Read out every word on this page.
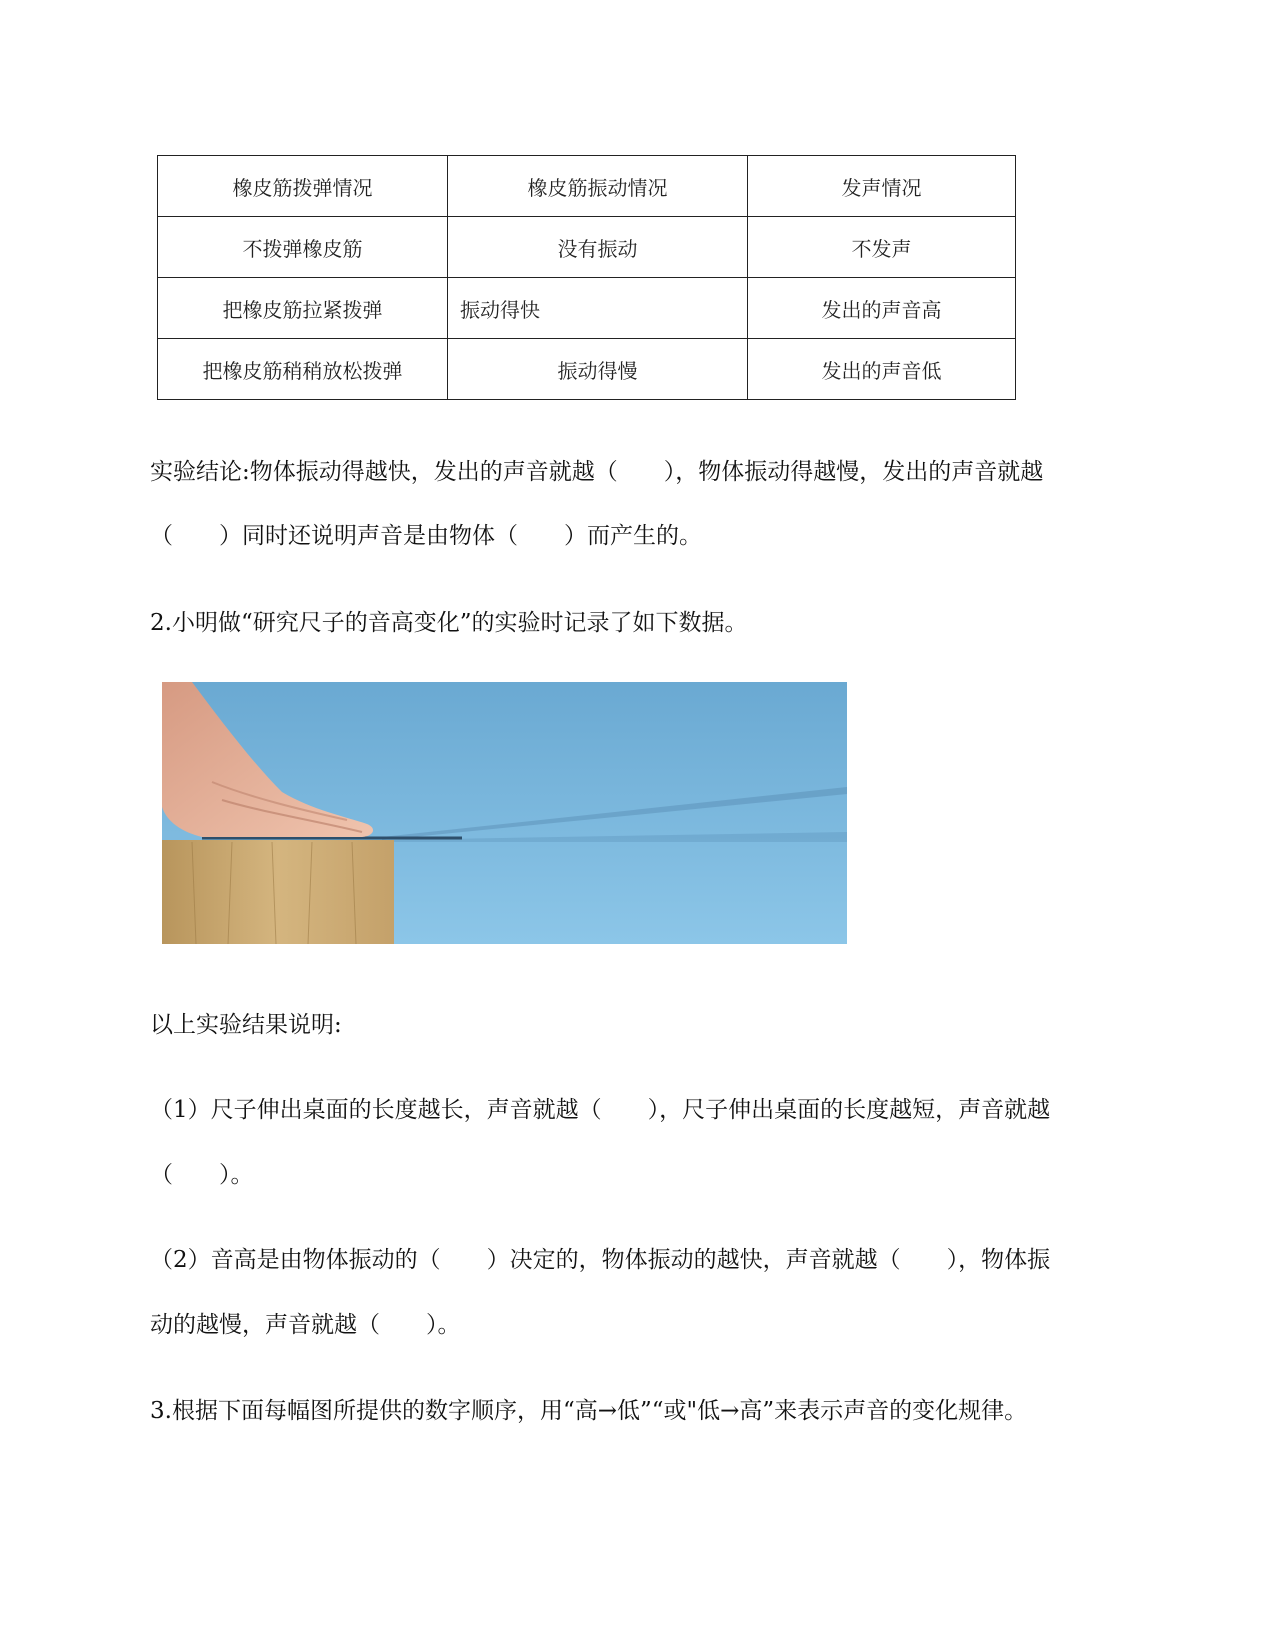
橡皮筋拨弹情况	橡皮筋振动情况	发声情况
不拨弹橡皮筋	没有振动	不发声
把橡皮筋拉紧拨弹	振动得快	发出的声音高
把橡皮筋稍稍放松拨弹	振动得慢	发出的声音低
实验结论:物体振动得越快，发出的声音就越（　　），物体振动得越慢，发出的声音就越
（　　）同时还说明声音是由物体（　　）而产生的。
2.小明做“研究尺子的音高变化”的实验时记录了如下数据。
以上实验结果说明:
（1）尺子伸出桌面的长度越长，声音就越（　　），尺子伸出桌面的长度越短，声音就越
（　　）。
（2）音高是由物体振动的（　　）决定的，物体振动的越快，声音就越（　　），物体振
动的越慢，声音就越（　　）。
3.根据下面每幅图所提供的数字顺序，用“高→低”“或"低→高”来表示声音的变化规律。
